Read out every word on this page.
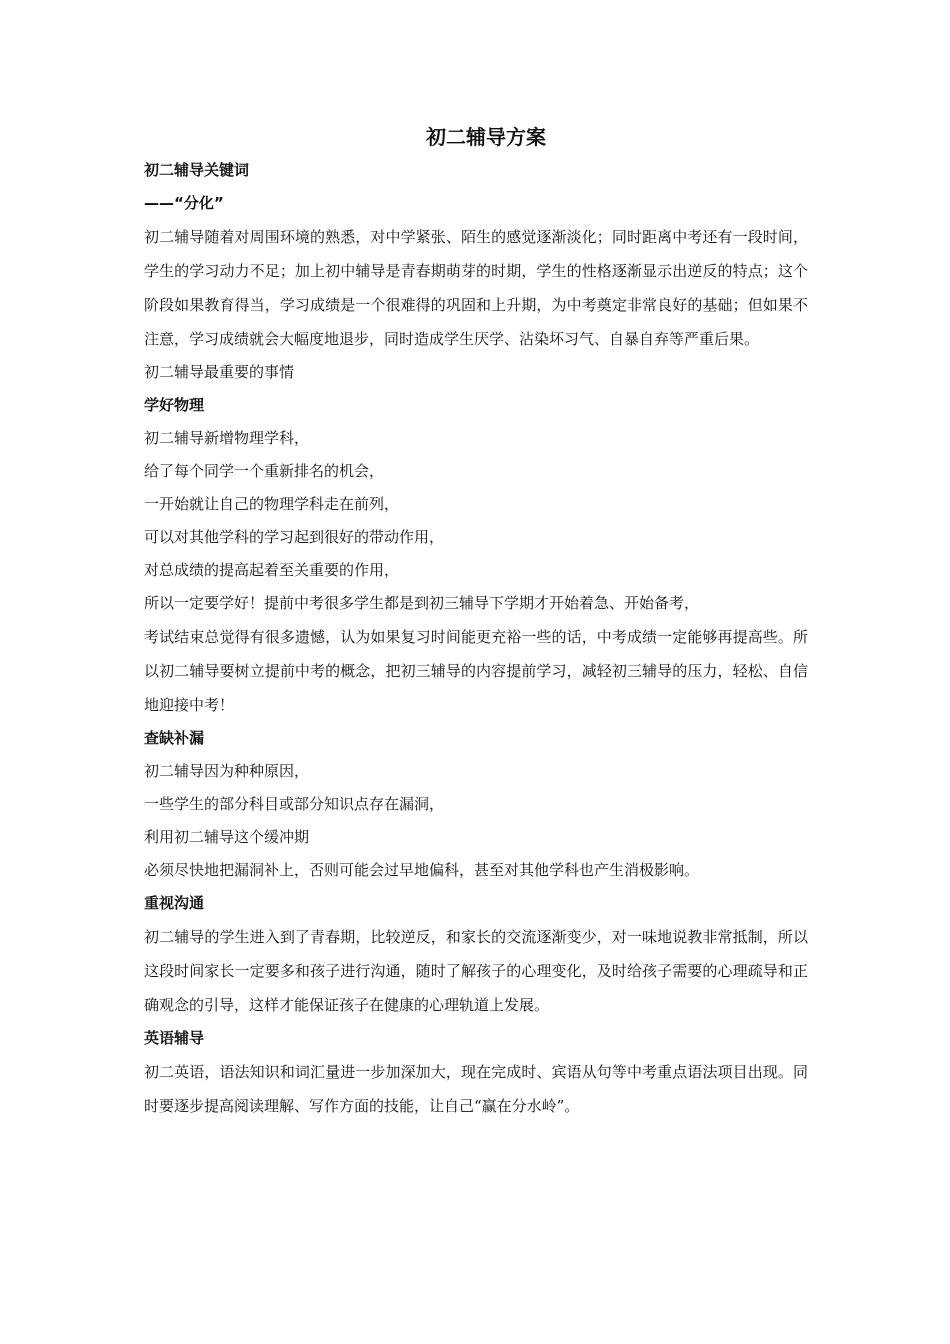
初二辅导方案

初二辅导关键词

——“分化”

初二辅导随着对周围环境的熟悉，对中学紧张、陌生的感觉逐渐淡化；同时距离中考还有一段时间，学生的学习动力不足；加上初中辅导是青春期萌芽的时期，学生的性格逐渐显示出逆反的特点；这个阶段如果教育得当，学习成绩是一个很难得的巩固和上升期，为中考奠定非常良好的基础；但如果不注意，学习成绩就会大幅度地退步，同时造成学生厌学、沾染坏习气、自暴自弃等严重后果。

初二辅导最重要的事情

学好物理

初二辅导新增物理学科，

给了每个同学一个重新排名的机会，

一开始就让自己的物理学科走在前列，

可以对其他学科的学习起到很好的带动作用，

对总成绩的提高起着至关重要的作用，

所以一定要学好！提前中考很多学生都是到初三辅导下学期才开始着急、开始备考，

考试结束总觉得有很多遗憾，认为如果复习时间能更充裕一些的话，中考成绩一定能够再提高些。所以初二辅导要树立提前中考的概念，把初三辅导的内容提前学习，减轻初三辅导的压力，轻松、自信地迎接中考！

查缺补漏

初二辅导因为种种原因，

一些学生的部分科目或部分知识点存在漏洞，

利用初二辅导这个缓冲期

必须尽快地把漏洞补上，否则可能会过早地偏科，甚至对其他学科也产生消极影响。

重视沟通

初二辅导的学生进入到了青春期，比较逆反，和家长的交流逐渐变少，对一味地说教非常抵制，所以这段时间家长一定要多和孩子进行沟通，随时了解孩子的心理变化，及时给孩子需要的心理疏导和正确观念的引导，这样才能保证孩子在健康的心理轨道上发展。

英语辅导

初二英语，语法知识和词汇量进一步加深加大，现在完成时、宾语从句等中考重点语法项目出现。同时要逐步提高阅读理解、写作方面的技能，让自己“赢在分水岭”。
